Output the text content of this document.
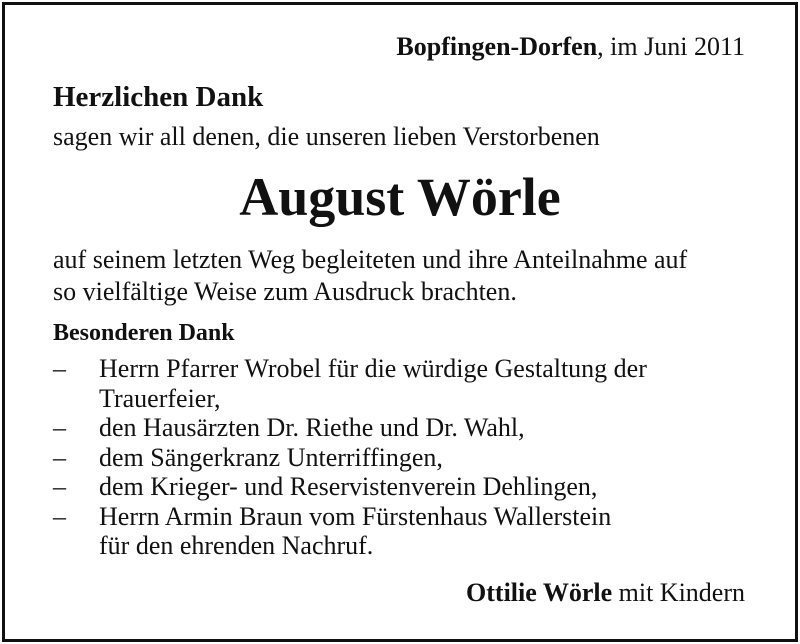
Bopfingen-Dorfen, im Juni 2011
Herzlichen Dank
sagen wir all denen, die unseren lieben Verstorbenen
August Wörle
auf seinem letzten Weg begleiteten und ihre Anteilnahme auf
so vielfältige Weise zum Ausdruck brachten.
Besonderen Dank
– Herrn Pfarrer Wrobel für die würdige Gestaltung der
Trauerfeier,
– den Hausärzten Dr. Riethe und Dr. Wahl,
– dem Sängerkranz Unterriffingen,
– dem Krieger- und Reservistenverein Dehlingen,
– Herrn Armin Braun vom Fürstenhaus Wallerstein
für den ehrenden Nachruf.
Ottilie Wörle mit Kindern
